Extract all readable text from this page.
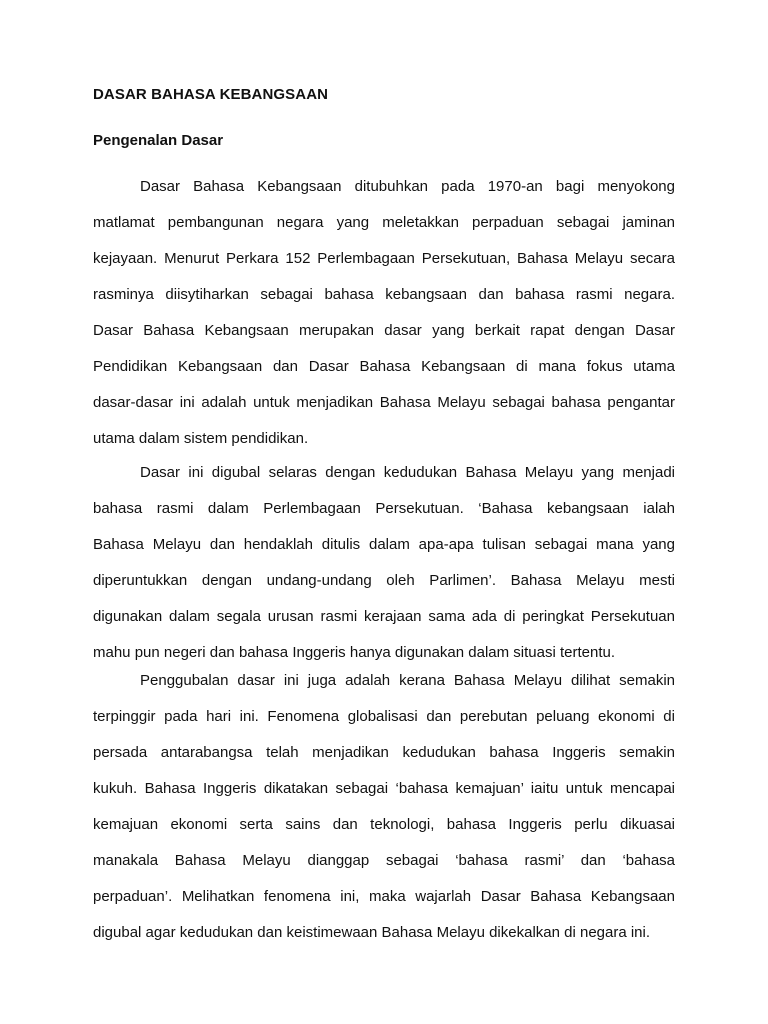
DASAR BAHASA KEBANGSAAN
Pengenalan Dasar
Dasar Bahasa Kebangsaan ditubuhkan pada 1970-an bagi menyokong
matlamat pembangunan negara yang meletakkan perpaduan sebagai jaminan
kejayaan. Menurut Perkara 152 Perlembagaan Persekutuan, Bahasa Melayu secara
rasminya diisytiharkan sebagai bahasa kebangsaan dan bahasa rasmi negara.
Dasar Bahasa Kebangsaan merupakan dasar yang berkait rapat dengan Dasar
Pendidikan Kebangsaan dan Dasar Bahasa Kebangsaan di mana fokus utama
dasar-dasar ini adalah untuk menjadikan Bahasa Melayu sebagai bahasa pengantar
utama dalam sistem pendidikan.
Dasar ini digubal selaras dengan kedudukan Bahasa Melayu yang menjadi
bahasa rasmi dalam Perlembagaan Persekutuan. ‘Bahasa kebangsaan ialah
Bahasa Melayu dan hendaklah ditulis dalam apa-apa tulisan sebagai mana yang
diperuntukkan dengan undang-undang oleh Parlimen’. Bahasa Melayu mesti
digunakan dalam segala urusan rasmi kerajaan sama ada di peringkat Persekutuan
mahu pun negeri dan bahasa Inggeris hanya digunakan dalam situasi tertentu.
Penggubalan dasar ini juga adalah kerana Bahasa Melayu dilihat semakin
terpinggir pada hari ini. Fenomena globalisasi dan perebutan peluang ekonomi di
persada antarabangsa telah menjadikan kedudukan bahasa Inggeris semakin
kukuh. Bahasa Inggeris dikatakan sebagai ‘bahasa kemajuan’ iaitu untuk mencapai
kemajuan ekonomi serta sains dan teknologi, bahasa Inggeris perlu dikuasai
manakala Bahasa Melayu dianggap sebagai ‘bahasa rasmi’ dan ‘bahasa
perpaduan’. Melihatkan fenomena ini, maka wajarlah Dasar Bahasa Kebangsaan
digubal agar kedudukan dan keistimewaan Bahasa Melayu dikekalkan di negara ini.
